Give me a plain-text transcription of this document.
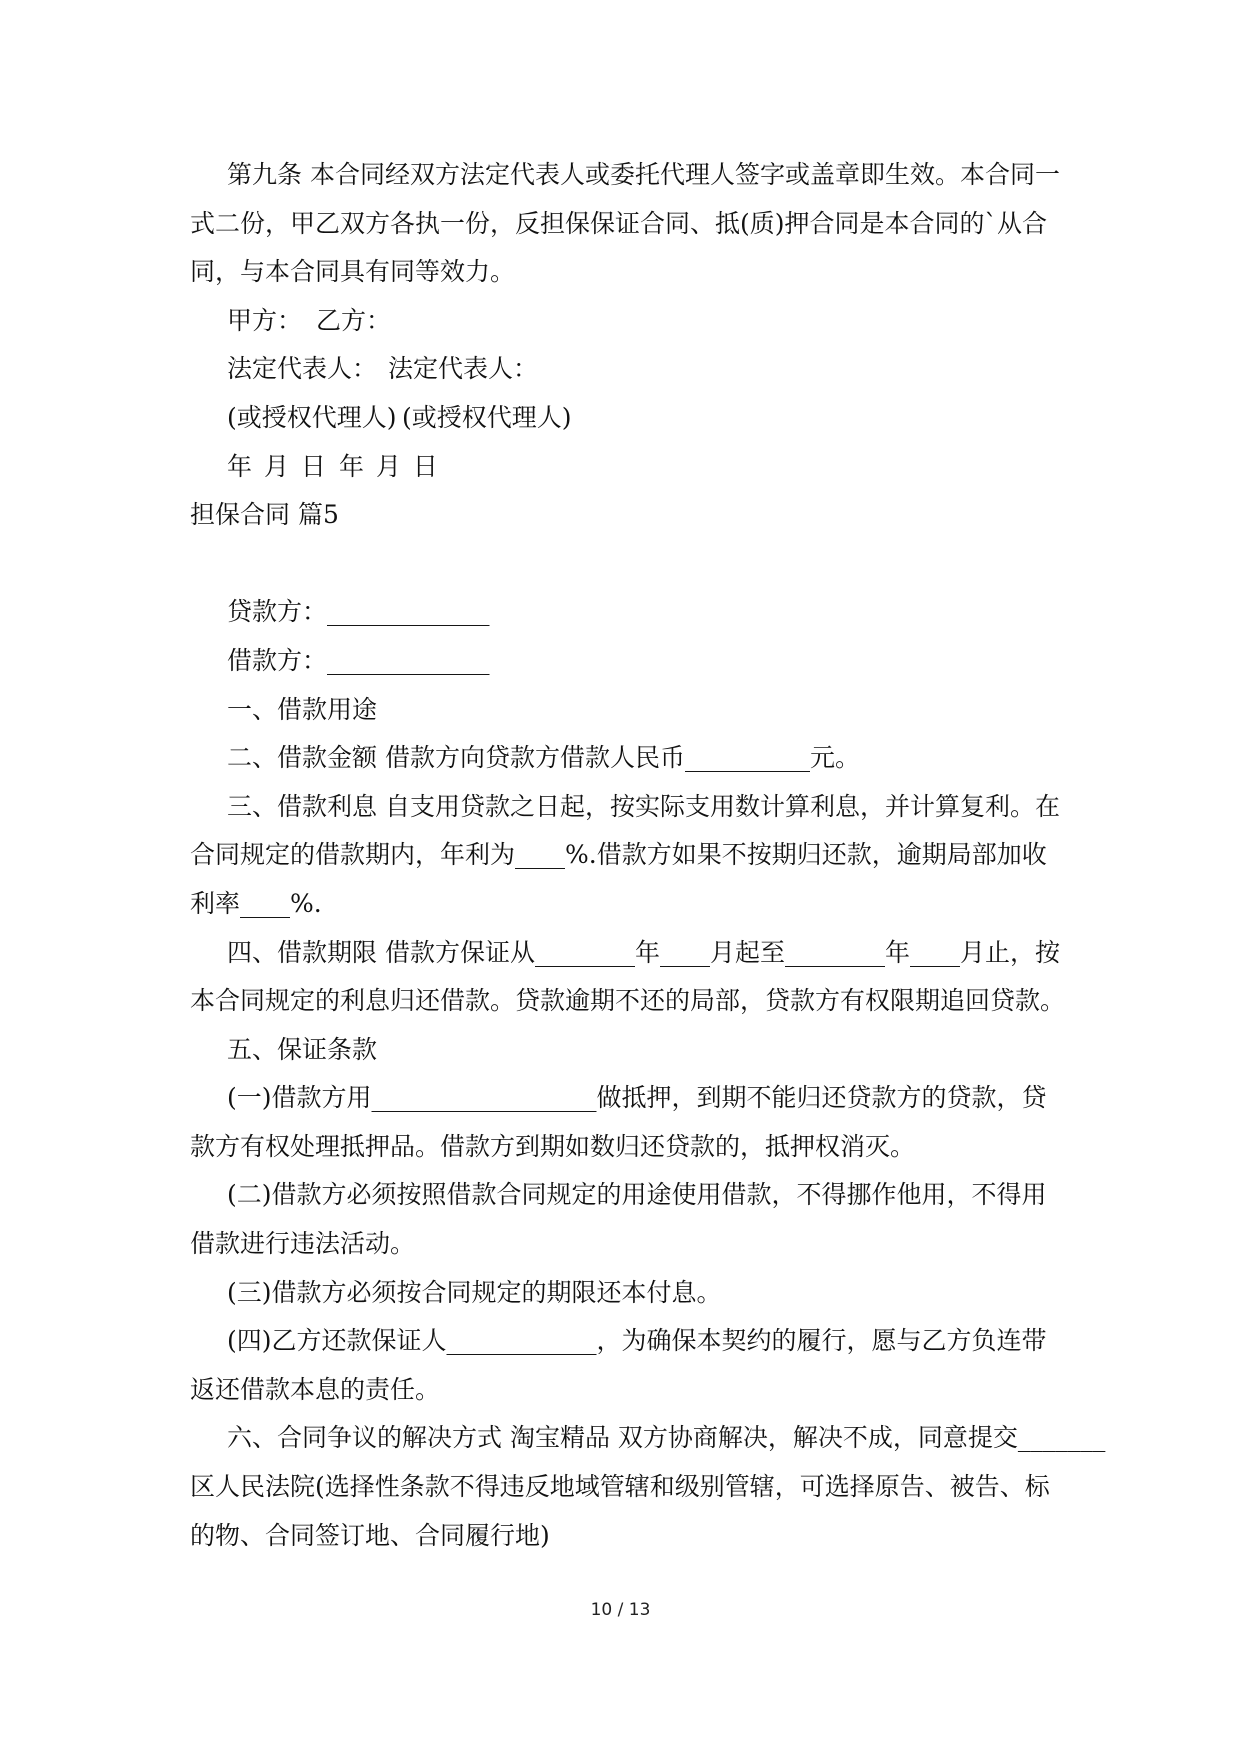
第九条 本合同经双方法定代表人或委托代理人签字或盖章即生效。本合同一
式二份，甲乙双方各执一份，反担保保证合同、抵(质)押合同是本合同的`从合
同，与本合同具有同等效力。

甲方：

乙方：

法定代表人：

法定代表人：

(或授权代理人)

(或授权代理人)

年 月 日

年 月 日

担保合同 篇5
贷款方：_____________
借款方：_____________
一、借款用途
二、借款金额 借款方向贷款方借款人民币__________元。
三、借款利息 自支用贷款之日起，按实际支用数计算利息，并计算复利。在
合同规定的借款期内，年利为____%.借款方如果不按期归还款，逾期局部加收
利率____%.
四、借款期限 借款方保证从________年____月起至________年____月止，按
本合同规定的利息归还借款。贷款逾期不还的局部，贷款方有权限期追回贷款。
五、保证条款
(一)借款方用__________________做抵押，到期不能归还贷款方的贷款，贷
款方有权处理抵押品。借款方到期如数归还贷款的，抵押权消灭。
(二)借款方必须按照借款合同规定的用途使用借款，不得挪作他用，不得用
借款进行违法活动。
(三)借款方必须按合同规定的期限还本付息。
(四)乙方还款保证人____________，为确保本契约的履行，愿与乙方负连带
返还借款本息的责任。
六、合同争议的解决方式 淘宝精品 双方协商解决，解决不成，同意提交_______
区人民法院(选择性条款不得违反地域管辖和级别管辖，可选择原告、被告、标
的物、合同签订地、合同履行地)
10 / 13
